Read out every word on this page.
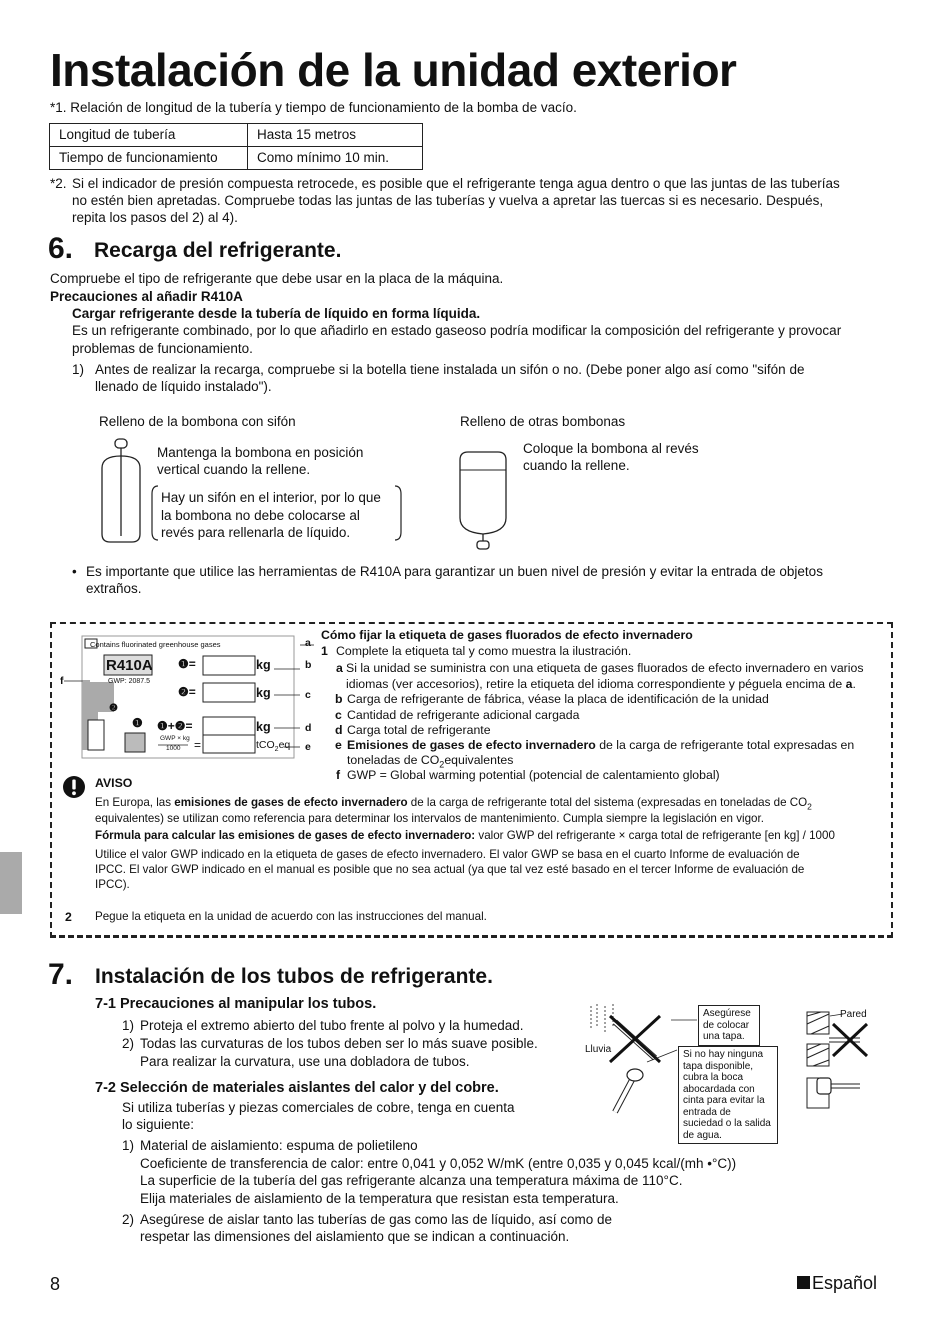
Instalación de la unidad exterior
*1. Relación de longitud de la tubería y tiempo de funcionamiento de la bomba de vacío.
Longitud de tubería	Hasta 15 metros
Tiempo de funcionamiento	Como mínimo 10 min.
*2. Si el indicador de presión compuesta retrocede, es posible que el refrigerante tenga agua dentro o que las juntas de las tuberías
no estén bien apretadas. Compruebe todas las juntas de las tuberías y vuelva a apretar las tuercas si es necesario. Después,
repita los pasos del 2) al 4).
6. Recarga del refrigerante.
Compruebe el tipo de refrigerante que debe usar en la placa de la máquina.
Precauciones al añadir R410A
Cargar refrigerante desde la tubería de líquido en forma líquida.
Es un refrigerante combinado, por lo que añadirlo en estado gaseoso podría modificar la composición del refrigerante y provocar
problemas de funcionamiento.
1) Antes de realizar la recarga, compruebe si la botella tiene instalada un sifón o no. (Debe poner algo así como "sifón de
llenado de líquido instalado").
Relleno de la bombona con sifón	Relleno de otras bombonas
Mantenga la bombona en posición
vertical cuando la rellene.
Hay un sifón en el interior, por lo que
la bombona no debe colocarse al
revés para rellenarla de líquido.
Coloque la bombona al revés
cuando la rellene.
• Es importante que utilice las herramientas de R410A para garantizar un buen nivel de presión y evitar la entrada de objetos
extraños.
Contains fluorinated greenhouse gases
R410A
GWP: 2087.5
❶=
❷=
kg
kg
kg
❷
❶ ❶+❷=
GWP × kg
1000 =	tCO$_2$eq
a
b
c
d
e
f
Cómo fijar la etiqueta de gases fluorados de efecto invernadero
1 Complete la etiqueta tal y como muestra la ilustración.
a Si la unidad se suministra con una etiqueta de gases fluorados de efecto invernadero en varios
idiomas (ver accesorios), retire la etiqueta del idioma correspondiente y péguela encima de a.
b Carga de refrigerante de fábrica, véase la placa de identificación de la unidad
c Cantidad de refrigerante adicional cargada
d Carga total de refrigerante
e Emisiones de gases de efecto invernadero de la carga de refrigerante total expresadas en
toneladas de $CO_2equivalentes$
f GWP = Global warming potential (potencial de calentamiento global)
AVISO
En Europa, las emisiones de gases de efecto invernadero de la carga de refrigerante total del sistema (expresadas en toneladas de $CO_2$
equivalentes) se utilizan como referencia para determinar los intervalos de mantenimiento. Cumpla siempre la legislación en vigor.
Fórmula para calcular las emisiones de gases de efecto invernadero: valor GWP del refrigerante × carga total de refrigerante [en kg] / 1000
Utilice el valor GWP indicado en la etiqueta de gases de efecto invernadero. El valor GWP se basa en el cuarto Informe de evaluación de
IPCC. El valor GWP indicado en el manual es posible que no sea actual (ya que tal vez esté basado en el tercer Informe de evaluación de
IPCC).
2 Pegue la etiqueta en la unidad de acuerdo con las instrucciones del manual.
7. Instalación de los tubos de refrigerante.
7-1 Precauciones al manipular los tubos.
1) Proteja el extremo abierto del tubo frente al polvo y la humedad.
2) Todas las curvaturas de los tubos deben ser lo más suave posible.
Para realizar la curvatura, use una dobladora de tubos.
7-2 Selección de materiales aislantes del calor y del cobre.
Si utiliza tuberías y piezas comerciales de cobre, tenga en cuenta
lo siguiente:
1) Material de aislamiento: espuma de polietileno
Coeficiente de transferencia de calor: entre 0,041 y 0,052 W/mK (entre 0,035 y 0,045 kcal/(mh •°C))
La superficie de la tubería del gas refrigerante alcanza una temperatura máxima de 110°C.
Elija materiales de aislamiento de la temperatura que resistan esta temperatura.
2) Asegúrese de aislar tanto las tuberías de gas como las de líquido, así como de
respetar las dimensiones del aislamiento que se indican a continuación.
Asegúrese de colocar una tapa.
Si no hay ninguna tapa disponible, cubra la boca abocardada con cinta para evitar la entrada de suciedad o la salida de agua.
Lluvia
Pared
8	Español
